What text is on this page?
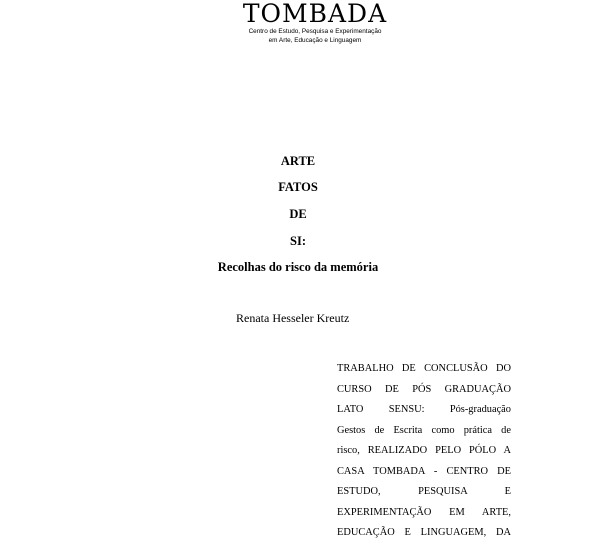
TOMBADA
Centro de Estudo, Pesquisa e Experimentação
em Arte, Educação e Linguagem
ARTE
FATOS
DE
SI:
Recolhas do risco da memória
Renata Hesseler Kreutz
TRABALHO DE CONCLUSÃO DO
CURSO DE PÓS GRADUAÇÃO
LATO SENSU: Pós-graduação
Gestos de Escrita como prática de
risco, REALIZADO PELO PÓLO A
CASA TOMBADA - CENTRO DE
ESTUDO, PESQUISA E
EXPERIMENTAÇÃO EM ARTE,
EDUCAÇÃO E LINGUAGEM, DA
